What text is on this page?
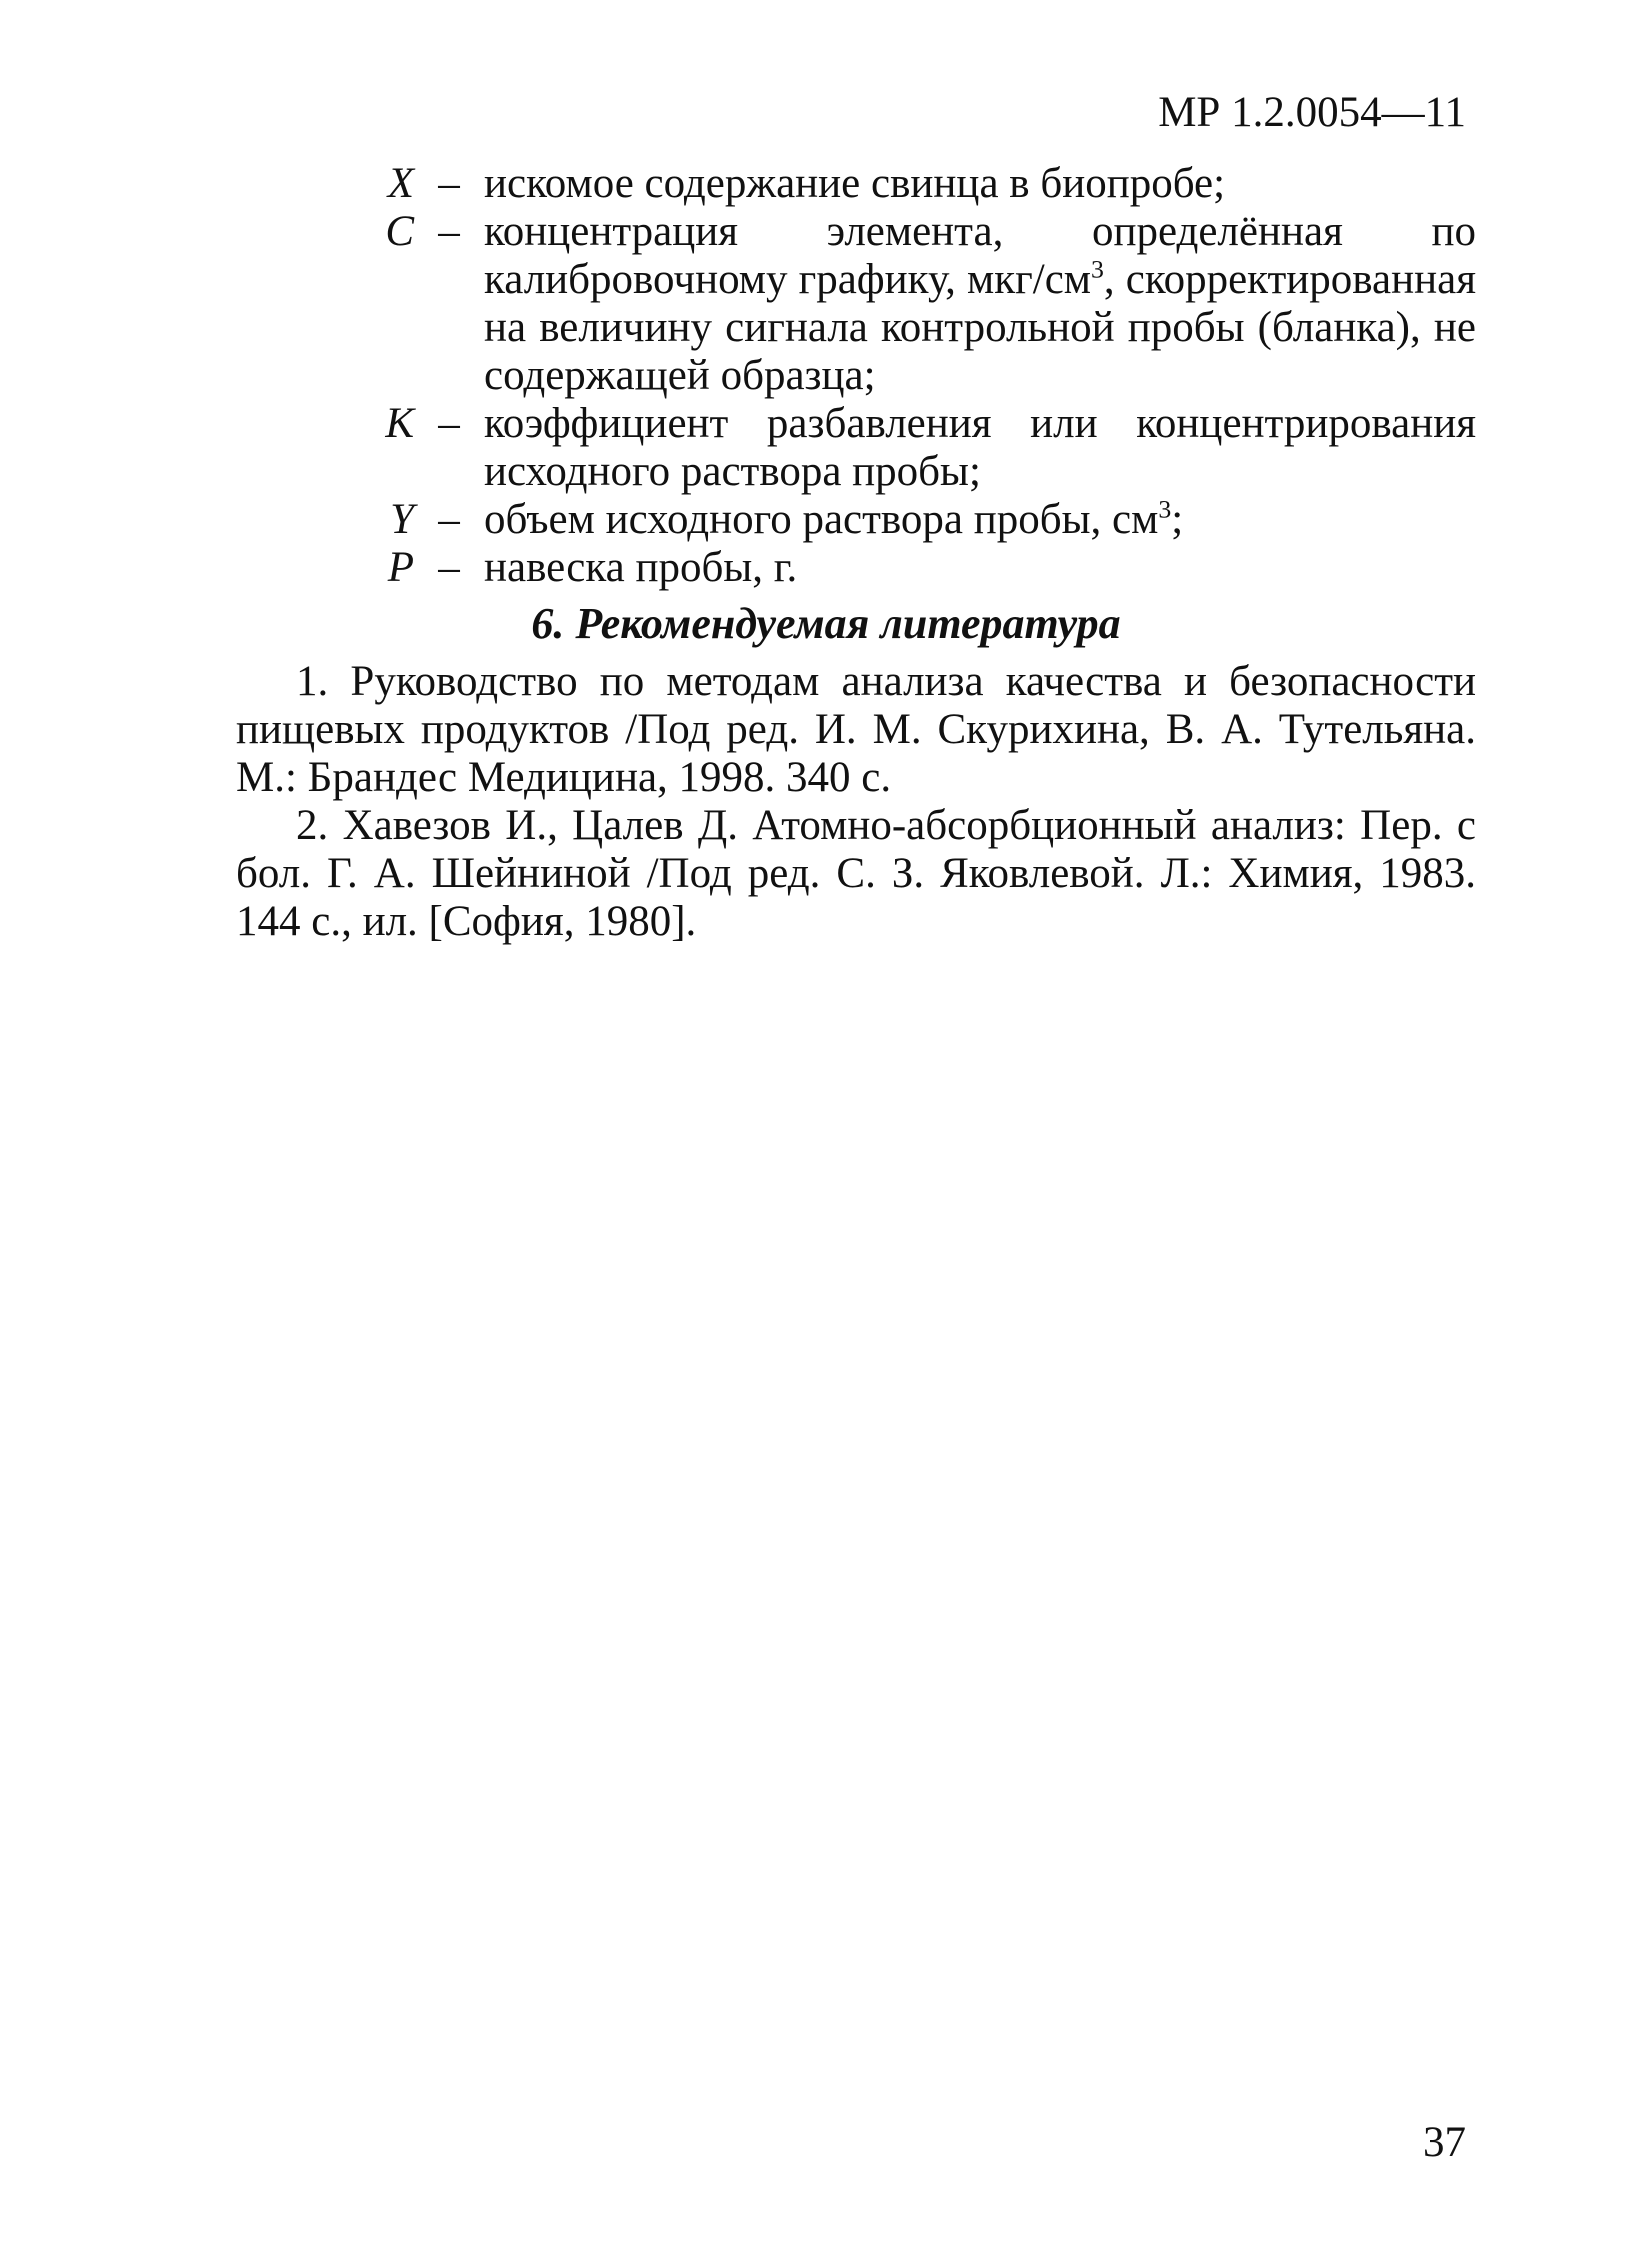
МР 1.2.0054—11
X – искомое содержание свинца в биопробе;
C – концентрация элемента, определённая по калибровочному графику, мкг/$см^3$, скорректированная на величину сигнала контрольной пробы (бланка), не содержащей образца;
K – коэффициент разбавления или концентрирования исходного раствора пробы;
Y – объем исходного раствора пробы, $см^3$;
P – навеска пробы, г.
6. Рекомендуемая литература

1. Руководство по методам анализа качества и безопасности пищевых продуктов /Под ред. И. М. Скурихина, В. А. Тутельяна. М.: Брандес Медицина, 1998. 340 с.

2. Хавезов И., Цалев Д. Атомно-абсорбционный анализ: Пер. с бол. Г. А. Шейниной /Под ред. С. З. Яковлевой. Л.: Химия, 1983. 144 с., ил. [София, 1980].

37
